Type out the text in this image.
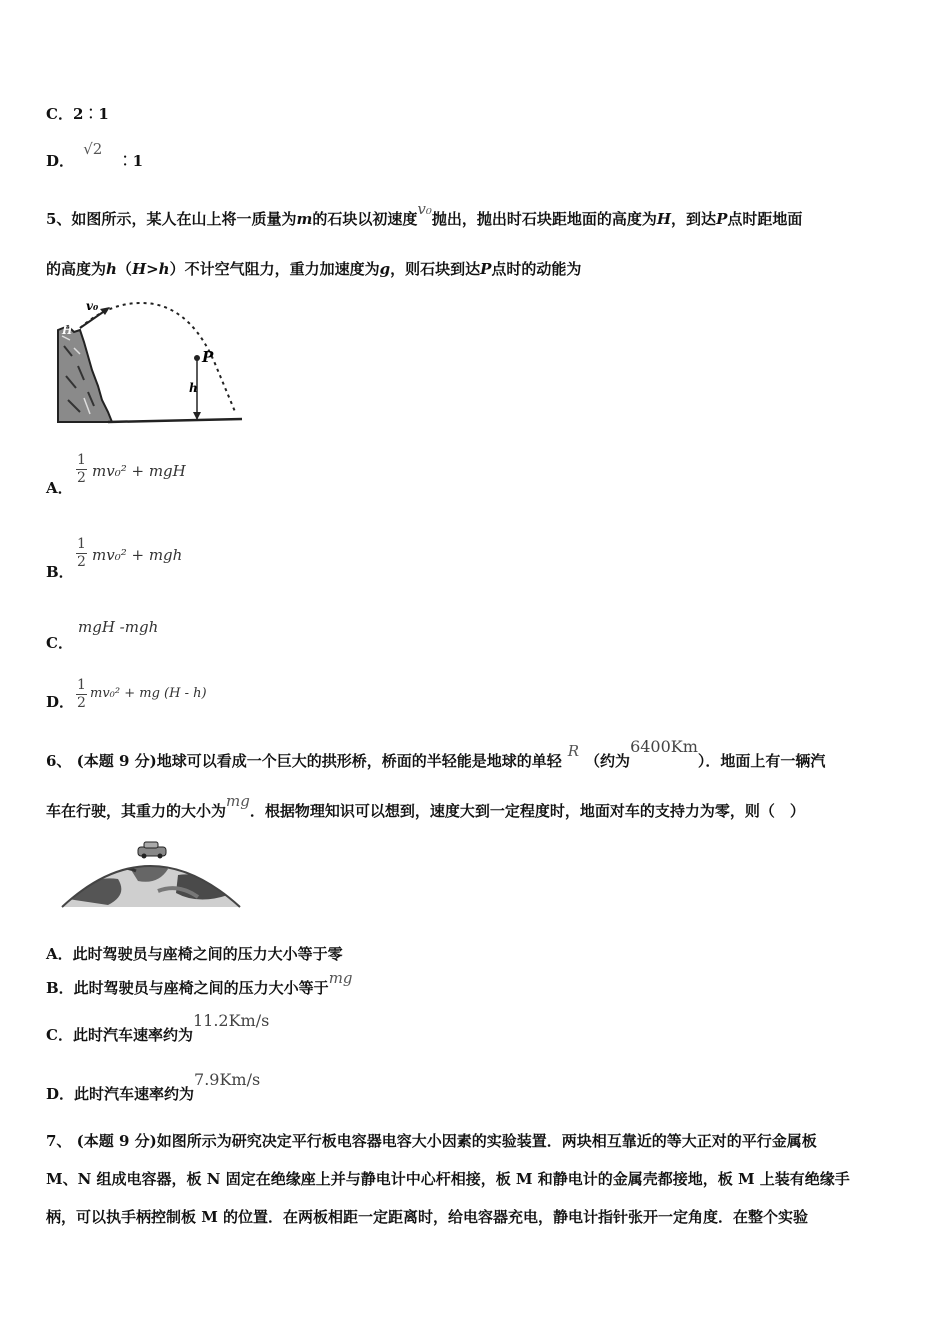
C．2︰1
D． √2 ︰1
5、如图所示，某人在山上将一质量为m的石块以初速度v₀抛出，抛出时石块距地面的高度为H，到达P点时距地面
的高度为h（H>h）不计空气阻力，重力加速度为g，则石块到达P点时的动能为
v₀
P
h
H
A．
1
2 mv₀² + mgH
B．
1
2 mv₀² + mgh
C．
mgH -mgh
D．
1
2
mv₀² + mg (H - h)
6、 (本题 9 分)地球可以看成一个巨大的拱形桥，桥面的半轻能是地球的单轻R（约为6400Km）．地面上有一辆汽
车在行驶，其重力的大小为mg．根据物理知识可以想到，速度大到一定程度时，地面对车的支持力为零，则（　）
A．此时驾驶员与座椅之间的压力大小等于零
B．此时驾驶员与座椅之间的压力大小等于mg
C．此时汽车速率约为11.2Km/s
D．此时汽车速率约为7.9Km/s
7、 (本题 9 分)如图所示为研究决定平行板电容器电容大小因素的实验装置．两块相互靠近的等大正对的平行金属板
M、N 组成电容器，板 N 固定在绝缘座上并与静电计中心杆相接，板 M 和静电计的金属壳都接地，板 M 上装有绝缘手
柄，可以执手柄控制板 M 的位置．在两板相距一定距离时，给电容器充电，静电计指针张开一定角度．在整个实验
